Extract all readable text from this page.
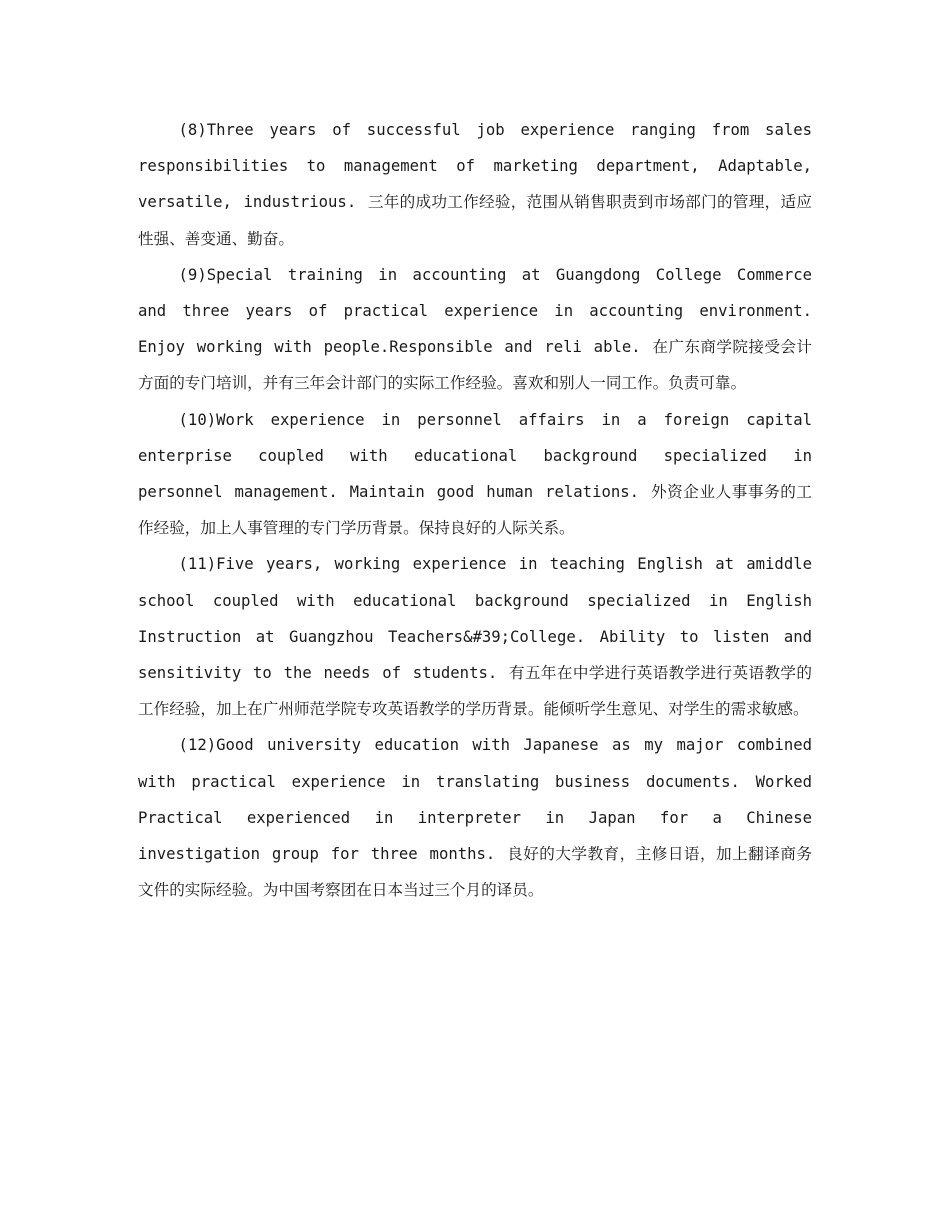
(8)Three years of successful job experience ranging from sales responsibilities to management of marketing department, Adaptable, versatile, industrious. 三年的成功工作经验，范围从销售职责到市场部门的管理，适应性强、善变通、勤奋。

(9)Special training in accounting at Guangdong College Commerce and three years of practical experience in accounting environment. Enjoy working with people.Responsible and reli able. 在广东商学院接受会计方面的专门培训，并有三年会计部门的实际工作经验。喜欢和别人一同工作。负责可靠。

(10)Work experience in personnel affairs in a foreign capital enterprise coupled with educational background specialized in personnel management. Maintain good human relations. 外资企业人事事务的工作经验，加上人事管理的专门学历背景。保持良好的人际关系。

(11)Five years, working experience in teaching English at amiddle school coupled with educational background specialized in English Instruction at Guangzhou Teachers&#39;College. Ability to listen and sensitivity to the needs of students. 有五年在中学进行英语教学进行英语教学的工作经验，加上在广州师范学院专攻英语教学的学历背景。能倾听学生意见、对学生的需求敏感。

(12)Good university education with Japanese as my major combined with practical experience in translating business documents. Worked Practical experienced in interpreter in Japan for a Chinese investigation group for three months. 良好的大学教育，主修日语，加上翻译商务文件的实际经验。为中国考察团在日本当过三个月的译员。
